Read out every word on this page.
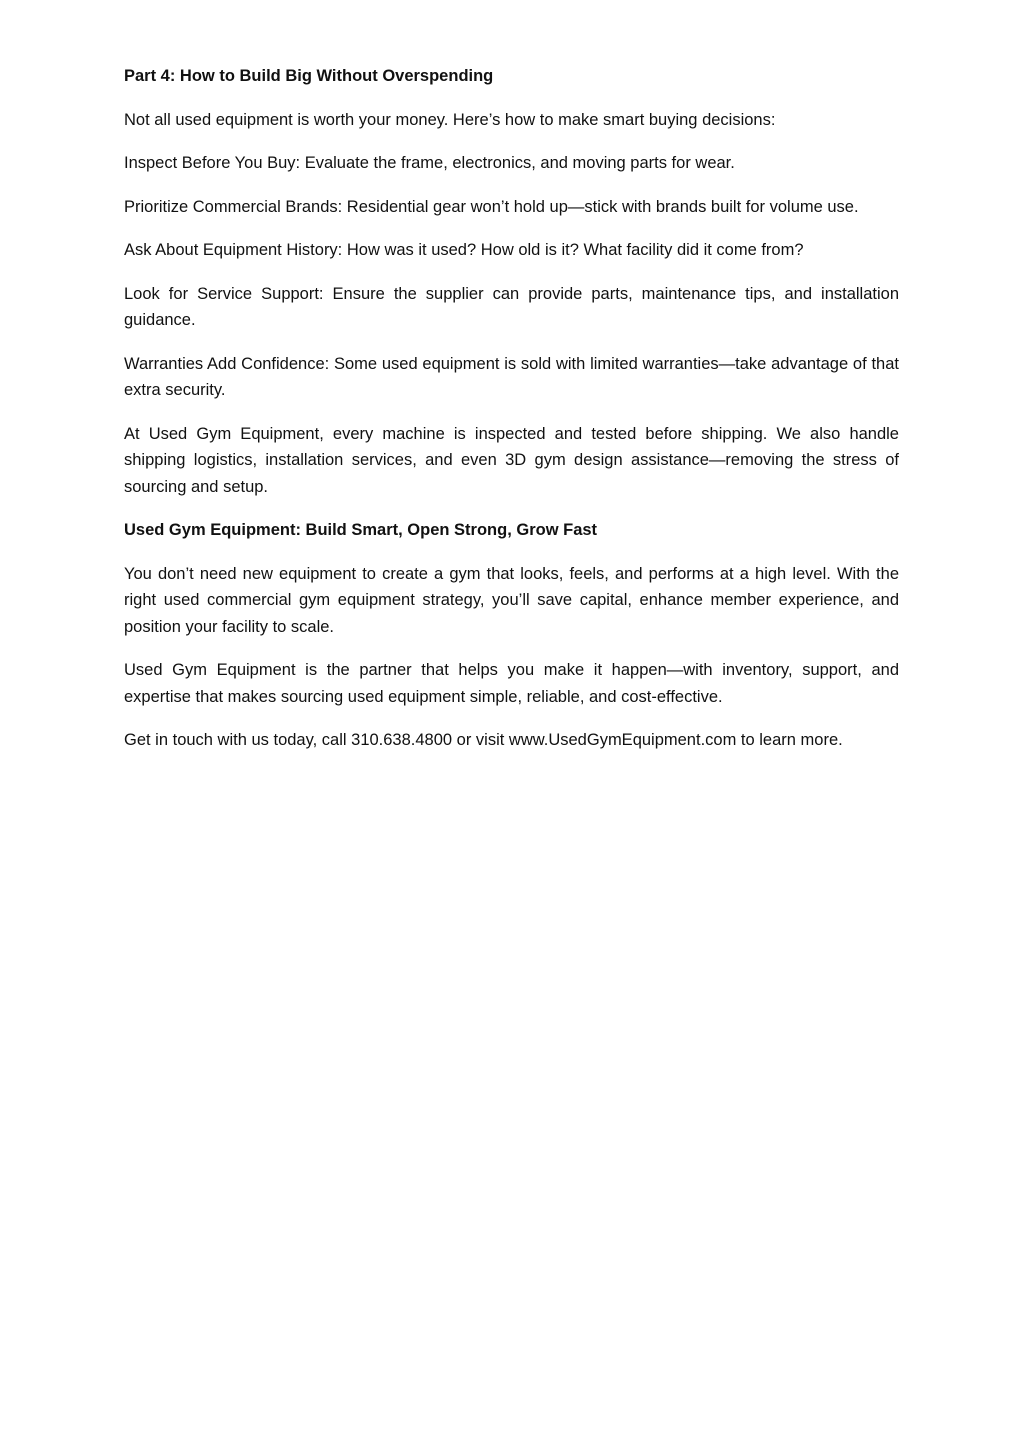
Part 4: How to Build Big Without Overspending

Not all used equipment is worth your money. Here’s how to make smart buying decisions:

Inspect Before You Buy: Evaluate the frame, electronics, and moving parts for wear.

Prioritize Commercial Brands: Residential gear won’t hold up—stick with brands built for volume use.

Ask About Equipment History: How was it used? How old is it? What facility did it come from?

Look for Service Support: Ensure the supplier can provide parts, maintenance tips, and installation guidance.

Warranties Add Confidence: Some used equipment is sold with limited warranties—take advantage of that extra security.

At Used Gym Equipment, every machine is inspected and tested before shipping. We also handle shipping logistics, installation services, and even 3D gym design assistance—removing the stress of sourcing and setup.

Used Gym Equipment: Build Smart, Open Strong, Grow Fast

You don’t need new equipment to create a gym that looks, feels, and performs at a high level. With the right used commercial gym equipment strategy, you’ll save capital, enhance member experience, and position your facility to scale.

Used Gym Equipment is the partner that helps you make it happen—with inventory, support, and expertise that makes sourcing used equipment simple, reliable, and cost-effective.

Get in touch with us today, call 310.638.4800 or visit www.UsedGymEquipment.com to learn more.
